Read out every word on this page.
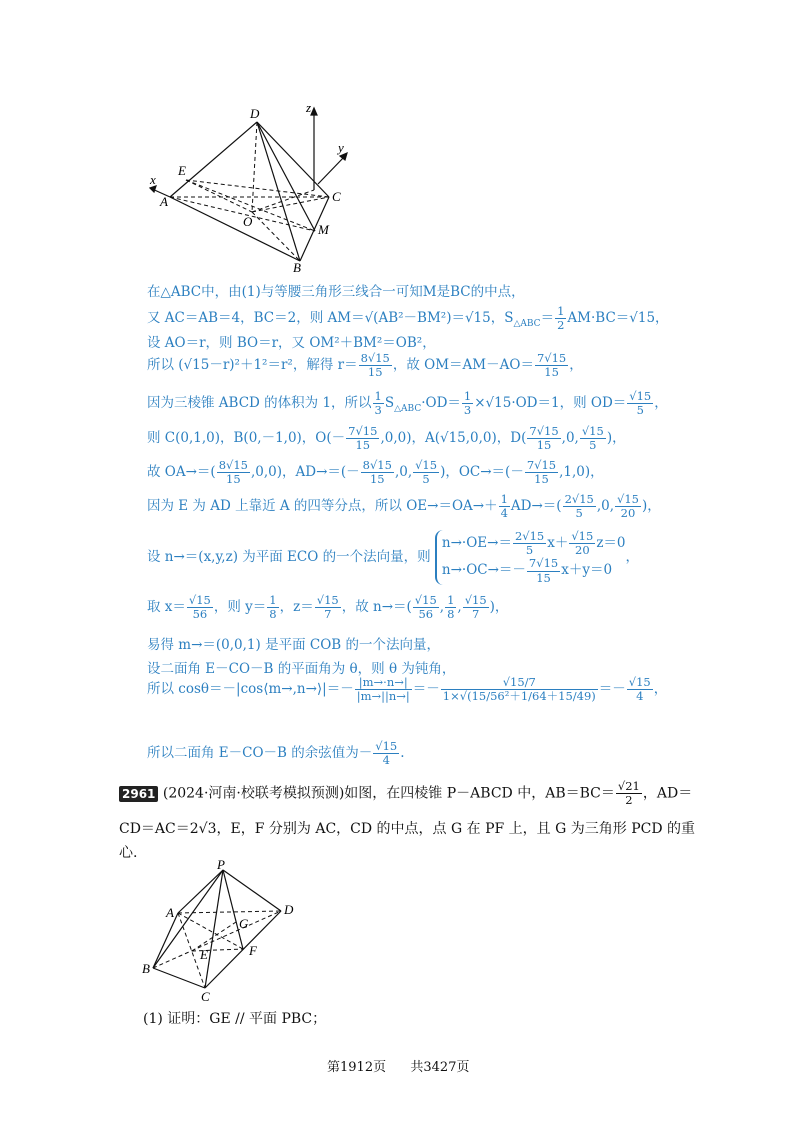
D
E
x
A
O
z
y
C
M
B
在△ABC中，由(1)与等腰三角形三线合一可知M是BC的中点，
又 AC＝AB＝4，BC＝2，则 AM＝√(AB²－BM²)＝√15，$S_{\triangle ABC}= \frac{1}{2} AM\cdot BC=√15$，
设 AO＝r，则 BO＝r，又 OM²＋BM²＝OB²，
所以 (√15－r)²＋1²＝r²，解得 $r= \frac{8√15}{15}$ ，故 $OM=AM-AO= \frac{7√15}{15}$ ，
因为三棱锥 ABCD 的体积为 1，所以 $\frac{1}{3} S_{\triangle ABC}\cdot OD= \frac{1}{3} \times√15\cdot OD=1$，则 $OD= \frac{√15}{5}$ ，
则 C(0,1,0)，B(0,－1,0)，$O(- \frac{7√15}{15} ,0,0)$，A(√15,0,0)，$D( \frac{7√15}{15} ,0$, $\frac{√15}{5}$ )，
故 $OA\to=( \frac{8√15}{15} ,0,0)$，$AD\to=(- \frac{8√15}{15} ,0$, $\frac{√15}{5}$ )，$OC\to=(- \frac{7√15}{15} ,1,0)$，
因为 E 为 AD 上靠近 A 的四等分点，所以 $OE\to=OA\to+ \frac{1}{4} AD\to=( \frac{2√15}{5} ,0$, $\frac{√15}{20}$ )，
设 n→＝(x,y,z) 为平面 ECO 的一个法向量，则
$n\to\cdot OE\to= \frac{2√15}{5} x+ \frac{√15}{20} z=0$
$n\to\cdot OC\to=- \frac{7√15}{15} x+y=0$
，
取 $x= \frac{√15}{56}$ ，则 $y= \frac{1}{8}$ ，$z= \frac{√15}{7}$ ，故 $n\to=( \frac{√15}{56}$ , $\frac{1}{8}$ , $\frac{√15}{7}$ )，
易得 m→＝(0,0,1) 是平面 COB 的一个法向量，
设二面角 E－CO－B 的平面角为 θ，则 θ 为钝角，
所以 cosθ＝－|cos⟨m→,n→⟩|＝－ $\frac{|m\to\cdot n\to|}{|m\to||n\to|} =- \frac{√15/7}{\text{1×√(15/56²＋1/64＋15/49)}} =- \frac{√15}{4}$ ，
所以二面角 E－CO－B 的余弦值为－ $\frac{√15}{4}$ .
2961 (2024·河南·校联考模拟预测)如图，在四棱锥 P－ABCD 中，$AB=BC= \frac{√21}{2}$ ，AD＝
CD＝AC＝2√3，E，F 分别为 AC，CD 的中点，点 G 在 PF 上，且 G 为三角形 PCD 的重
心.
P
A	D
G
E	F
B
C
(1) 证明：GE // 平面 PBC；
第1912页 共3427页
